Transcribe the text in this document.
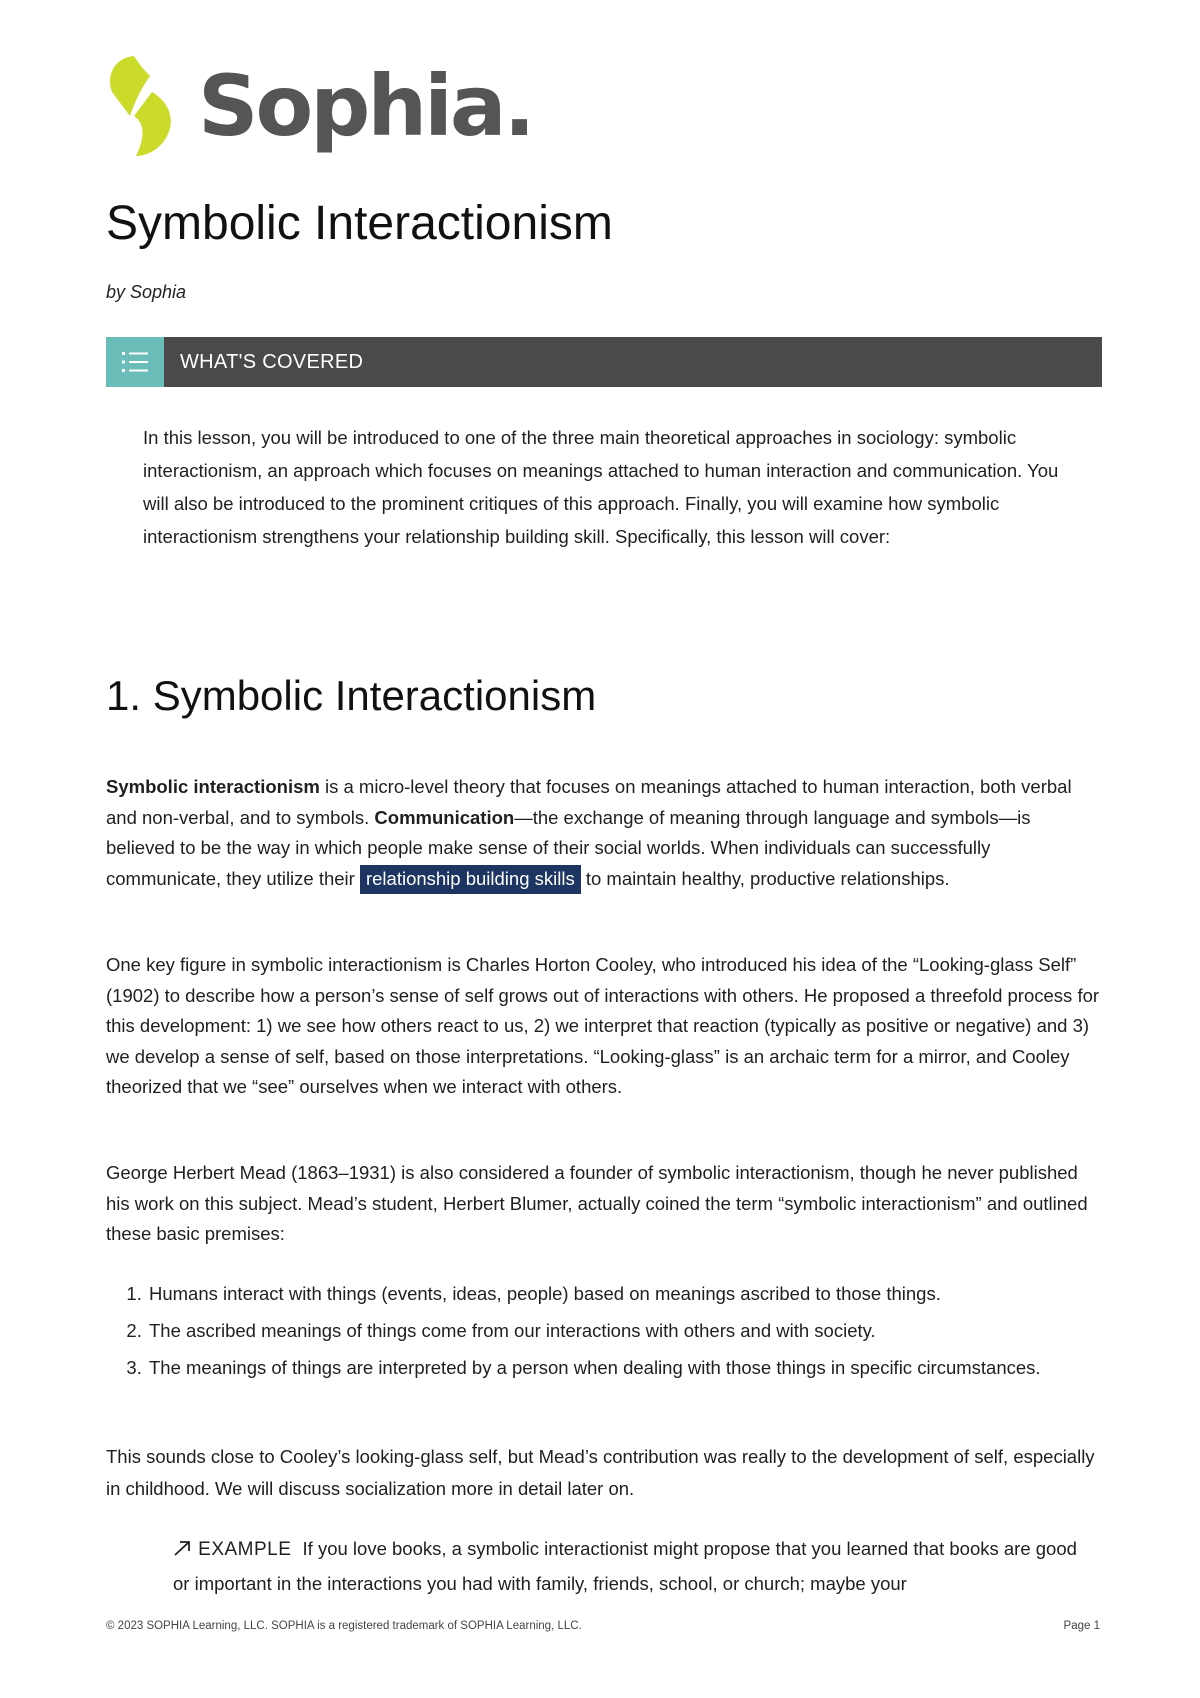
Sophia.
Symbolic Interactionism

by Sophia

WHAT'S COVERED

In this lesson, you will be introduced to one of the three main theoretical approaches in sociology: symbolic interactionism, an approach which focuses on meanings attached to human interaction and communication. You will also be introduced to the prominent critiques of this approach. Finally, you will examine how symbolic interactionism strengthens your relationship building skill. Specifically, this lesson will cover:

1. Symbolic Interactionism

Symbolic interactionism is a micro-level theory that focuses on meanings attached to human interaction, both verbal and non-verbal, and to symbols. Communication—the exchange of meaning through language and symbols—is believed to be the way in which people make sense of their social worlds. When individuals can successfully communicate, they utilize their relationship building skills to maintain healthy, productive relationships.

One key figure in symbolic interactionism is Charles Horton Cooley, who introduced his idea of the “Looking-glass Self” (1902) to describe how a person’s sense of self grows out of interactions with others. He proposed a threefold process for this development: 1) we see how others react to us, 2) we interpret that reaction (typically as positive or negative) and 3) we develop a sense of self, based on those interpretations. “Looking-glass” is an archaic term for a mirror, and Cooley theorized that we “see” ourselves when we interact with others.

George Herbert Mead (1863–1931) is also considered a founder of symbolic interactionism, though he never published his work on this subject. Mead’s student, Herbert Blumer, actually coined the term “symbolic interactionism” and outlined these basic premises:

1. Humans interact with things (events, ideas, people) based on meanings ascribed to those things.
2. The ascribed meanings of things come from our interactions with others and with society.
3. The meanings of things are interpreted by a person when dealing with those things in specific circumstances.

This sounds close to Cooley’s looking-glass self, but Mead’s contribution was really to the development of self, especially in childhood. We will discuss socialization more in detail later on.

EXAMPLE If you love books, a symbolic interactionist might propose that you learned that books are good or important in the interactions you had with family, friends, school, or church; maybe your

© 2023 SOPHIA Learning, LLC. SOPHIA is a registered trademark of SOPHIA Learning, LLC.	Page 1
